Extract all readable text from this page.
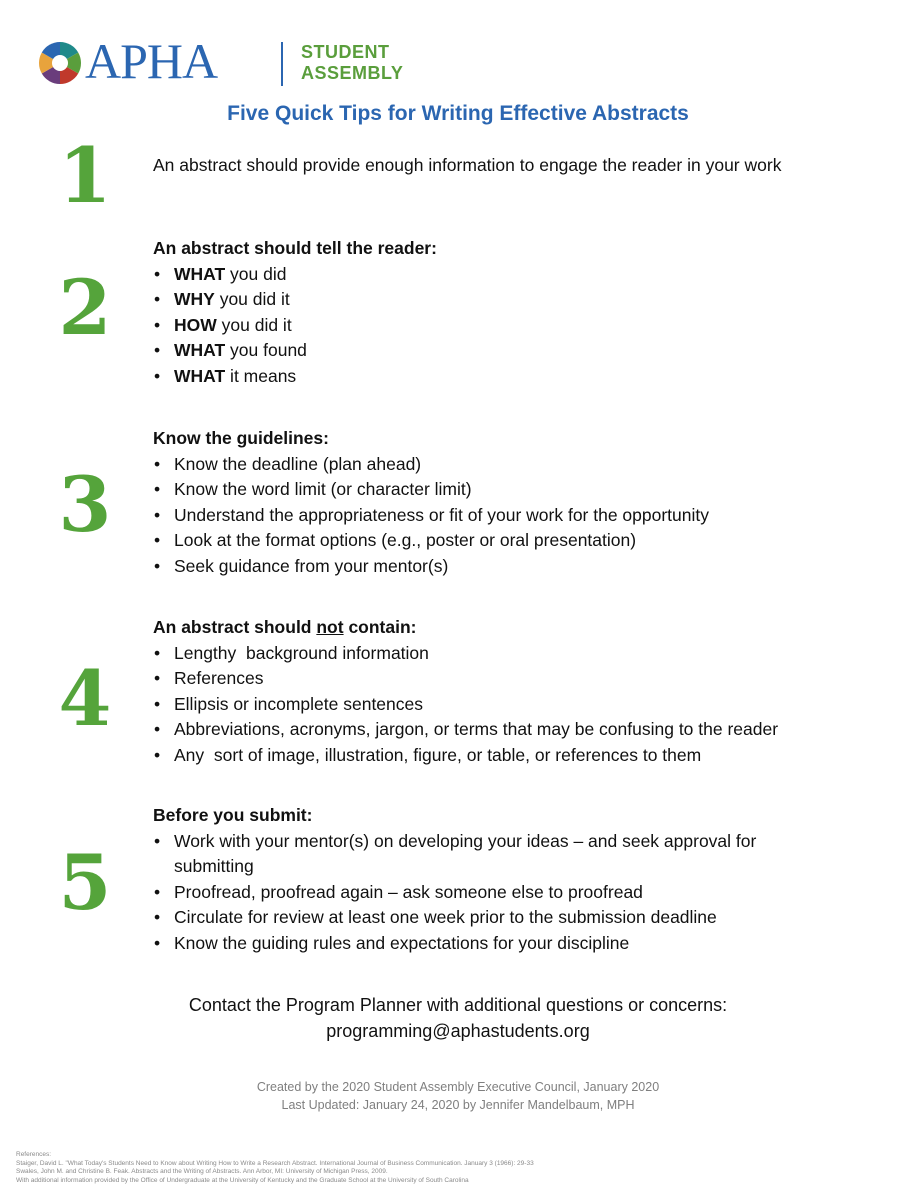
APHA	STUDENT
ASSEMBLY
Five Quick Tips for Writing Effective Abstracts
1	An abstract should provide enough information to engage the reader in your work
2
An abstract should tell the reader:
• WHAT you did
• WHY you did it
• HOW you did it
• WHAT you found
• WHAT it means
3
Know the guidelines:
• Know the deadline (plan ahead)
• Know the word limit (or character limit)
• Understand the appropriateness or fit of your work for the opportunity
• Look at the format options (e.g., poster or oral presentation)
• Seek guidance from your mentor(s)
4
An abstract should not contain:
• Lengthy  background information
• References
• Ellipsis or incomplete sentences
• Abbreviations, acronyms, jargon, or terms that may be confusing to the reader
• Any  sort of image, illustration, figure, or table, or references to them
5
Before you submit:
• Work with your mentor(s) on developing your ideas – and seek approval for submitting
• Proofread, proofread again – ask someone else to proofread
• Circulate for review at least one week prior to the submission deadline
• Know the guiding rules and expectations for your discipline
Contact the Program Planner with additional questions or concerns:
programming@aphastudents.org
Created by the 2020 Student Assembly Executive Council, January 2020
Last Updated: January 24, 2020 by Jennifer Mandelbaum, MPH
References:
Staiger, David L. "What Today's Students Need to Know about Writing How to Write a Research Abstract. International Journal of Business Communication. January 3 (1966): 29-33
Swales, John M. and Christine B. Feak. Abstracts and the Writing of Abstracts. Ann Arbor, MI: University of Michigan Press, 2009.
With additional information provided by the Office of Undergraduate at the University of Kentucky and the Graduate School at the University of South Carolina
